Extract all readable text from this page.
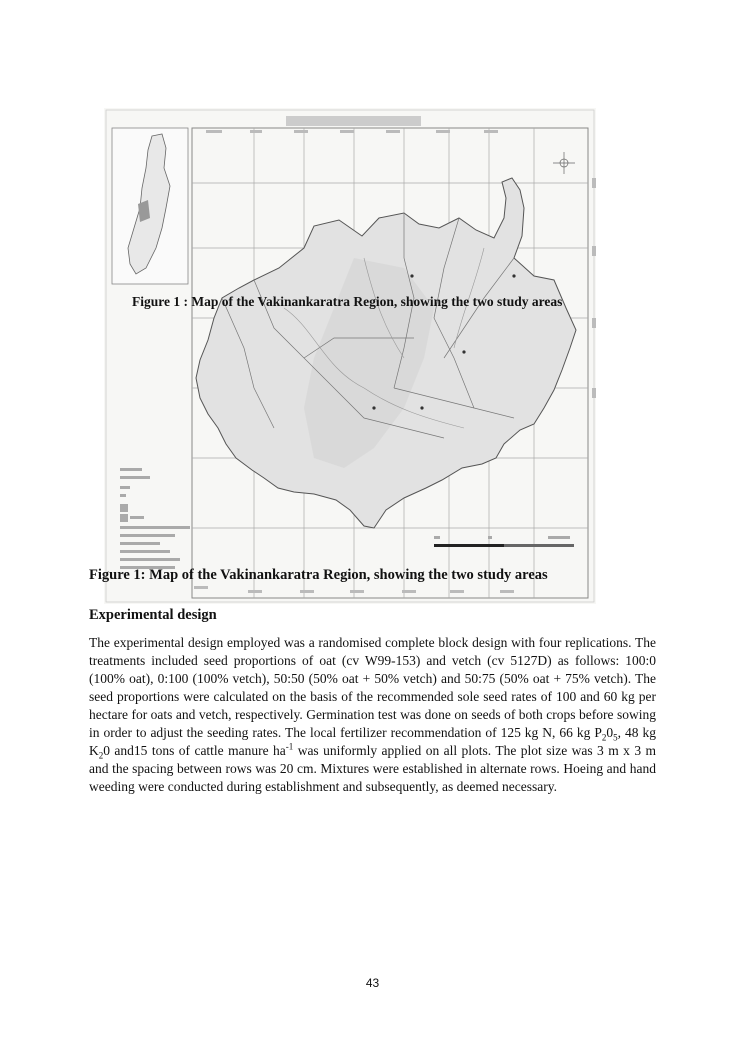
Figure 1 : Map of the Vakinankaratra Region, showing the two study areas
Figure 1: Map of the Vakinankaratra Region, showing the two study areas
Experimental design
The experimental design employed was a randomised complete block design with four replications. The treatments included seed proportions of oat (cv W99-153) and vetch (cv 5127D) as follows: 100:0 (100% oat), 0:100 (100% vetch), 50:50 (50% oat + 50% vetch) and 50:75 (50% oat + 75% vetch). The seed proportions were calculated on the basis of the recommended sole seed rates of 100 and 60 kg per hectare for oats and vetch, respectively. Germination test was done on seeds of both crops before sowing in order to adjust the seeding rates. The local fertilizer recommendation of 125 kg N, 66 kg $P_20_5$, 48 kg $K_20$ and15 tons of cattle manure $ha^{-1}$ was uniformly applied on all plots. The plot size was 3 m x 3 m and the spacing between rows was 20 cm. Mixtures were established in alternate rows. Hoeing and hand weeding were conducted during establishment and subsequently, as deemed necessary.
43
